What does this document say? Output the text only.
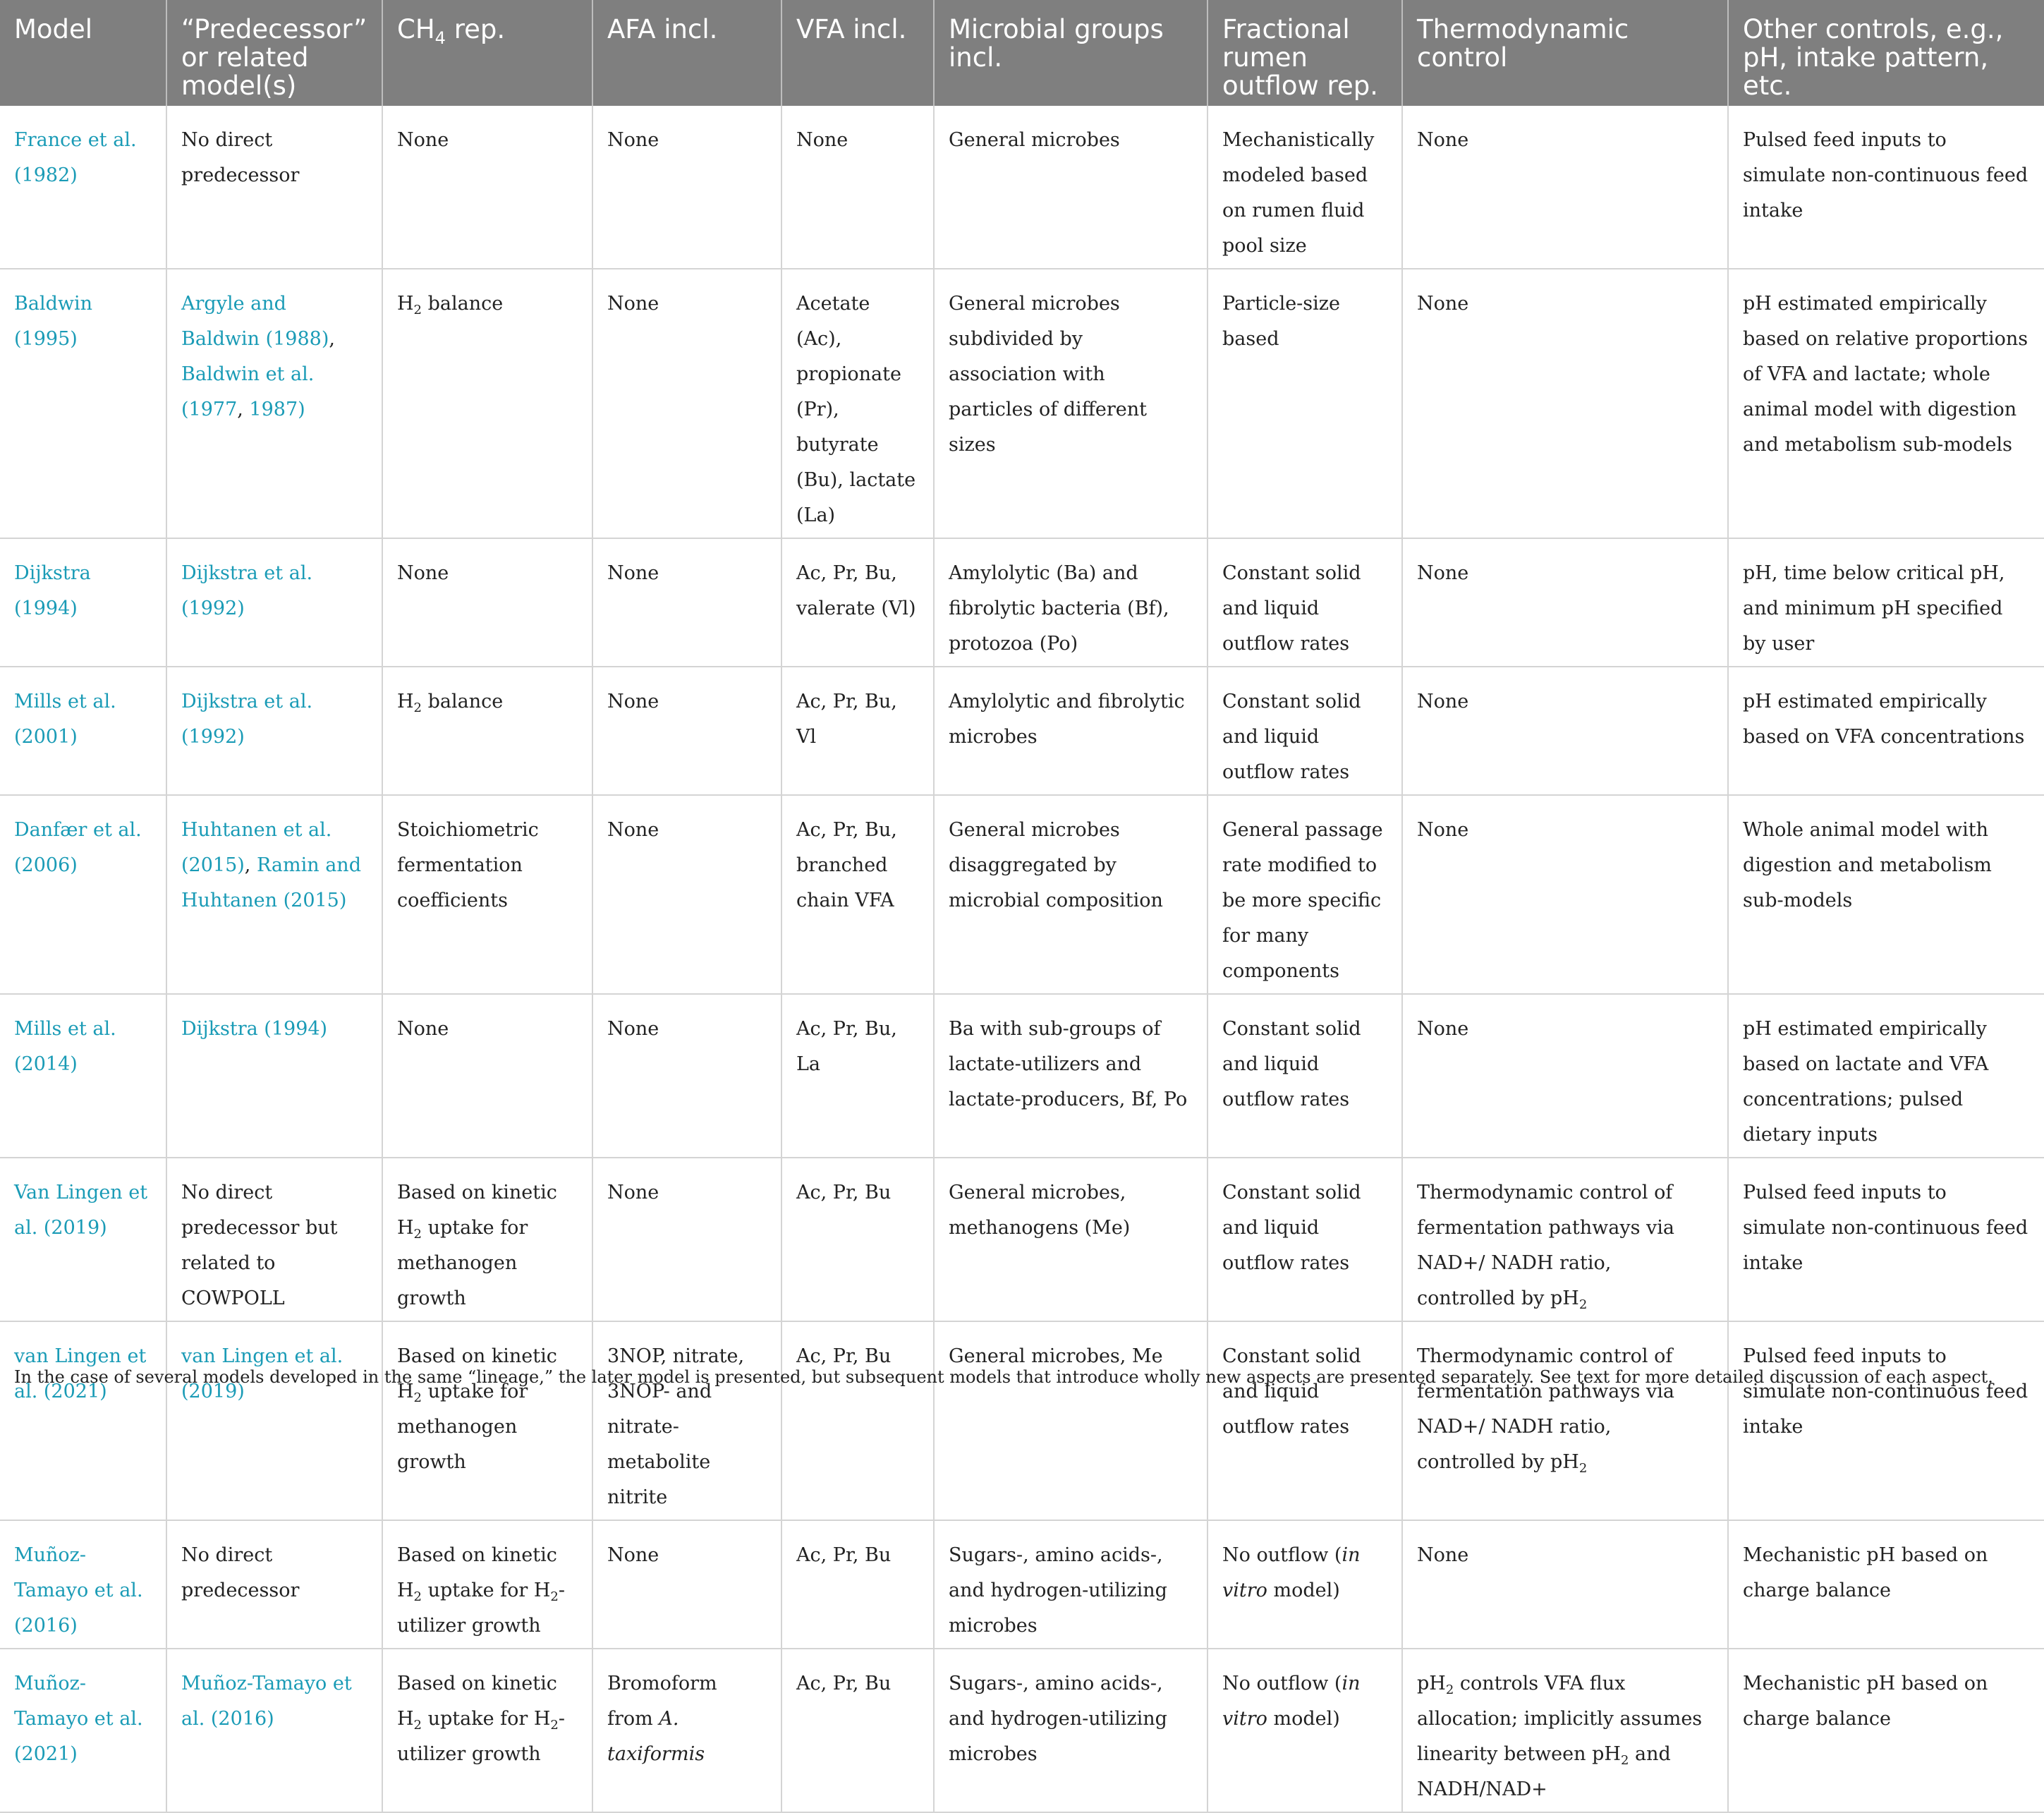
Model	“Predecessor” or related model(s)	$CH_4$ rep.	AFA incl.	VFA incl.	Microbial groups incl.	Fractional rumen outflow rep.	Thermodynamic control	Other controls, e.g., pH, intake pattern, etc.
France et al. (1982)	No direct predecessor	None	None	None	General microbes	Mechanistically modeled based on rumen fluid pool size	None	Pulsed feed inputs to simulate non-continuous feed intake
Baldwin (1995)	Argyle and Baldwin (1988), Baldwin et al. (1977, 1987)	$H_2$ balance	None	Acetate (Ac), propionate (Pr), butyrate (Bu), lactate (La)	General microbes subdivided by association with particles of different sizes	Particle-size based	None	pH estimated empirically based on relative proportions of VFA and lactate; whole animal model with digestion and metabolism sub-models
Dijkstra (1994)	Dijkstra et al. (1992)	None	None	Ac, Pr, Bu, valerate (Vl)	Amylolytic (Ba) and fibrolytic bacteria (Bf), protozoa (Po)	Constant solid and liquid outflow rates	None	pH, time below critical pH, and minimum pH specified by user
Mills et al. (2001)	Dijkstra et al. (1992)	$H_2$ balance	None	Ac, Pr, Bu, Vl	Amylolytic and fibrolytic microbes	Constant solid and liquid outflow rates	None	pH estimated empirically based on VFA concentrations
Danfær et al. (2006)	Huhtanen et al. (2015), Ramin and Huhtanen (2015)	Stoichiometric fermentation coefficients	None	Ac, Pr, Bu, branched chain VFA	General microbes disaggregated by microbial composition	General passage rate modified to be more specific for many components	None	Whole animal model with digestion and metabolism sub-models
Mills et al. (2014)	Dijkstra (1994)	None	None	Ac, Pr, Bu, La	Ba with sub-groups of lactate-utilizers and lactate-producers, Bf, Po	Constant solid and liquid outflow rates	None	pH estimated empirically based on lactate and VFA concentrations; pulsed dietary inputs
Van Lingen et al. (2019)	No direct predecessor but related to COWPOLL	Based on kinetic $H_2$ uptake for methanogen growth	None	Ac, Pr, Bu	General microbes, methanogens (Me)	Constant solid and liquid outflow rates	Thermodynamic control of fermentation pathways via NAD+/ NADH ratio, controlled by $pH_2$	Pulsed feed inputs to simulate non-continuous feed intake
van Lingen et al. (2021)	van Lingen et al. (2019)	Based on kinetic $H_2$ uptake for methanogen growth	3NOP, nitrate, 3NOP- and nitrate-metabolite nitrite	Ac, Pr, Bu	General microbes, Me	Constant solid and liquid outflow rates	Thermodynamic control of fermentation pathways via NAD+/ NADH ratio, controlled by $pH_2$	Pulsed feed inputs to simulate non-continuous feed intake
Muñoz-Tamayo et al. (2016)	No direct predecessor	Based on kinetic $H_2$ uptake for $H_2$-utilizer growth	None	Ac, Pr, Bu	Sugars-, amino acids-, and hydrogen-utilizing microbes	No outflow (in vitro model)	None	Mechanistic pH based on charge balance
Muñoz-Tamayo et al. (2021)	Muñoz-Tamayo et al. (2016)	Based on kinetic $H_2$ uptake for $H_2$-utilizer growth	Bromoform from A. taxiformis	Ac, Pr, Bu	Sugars-, amino acids-, and hydrogen-utilizing microbes	No outflow (in vitro model)	$pH_2$ controls VFA flux allocation; implicitly assumes linearity between $pH_2$ and NADH/NAD+	Mechanistic pH based on charge balance
In the case of several models developed in the same “lineage,” the later model is presented, but subsequent models that introduce wholly new aspects are presented separately. See text for more detailed discussion of each aspect.
